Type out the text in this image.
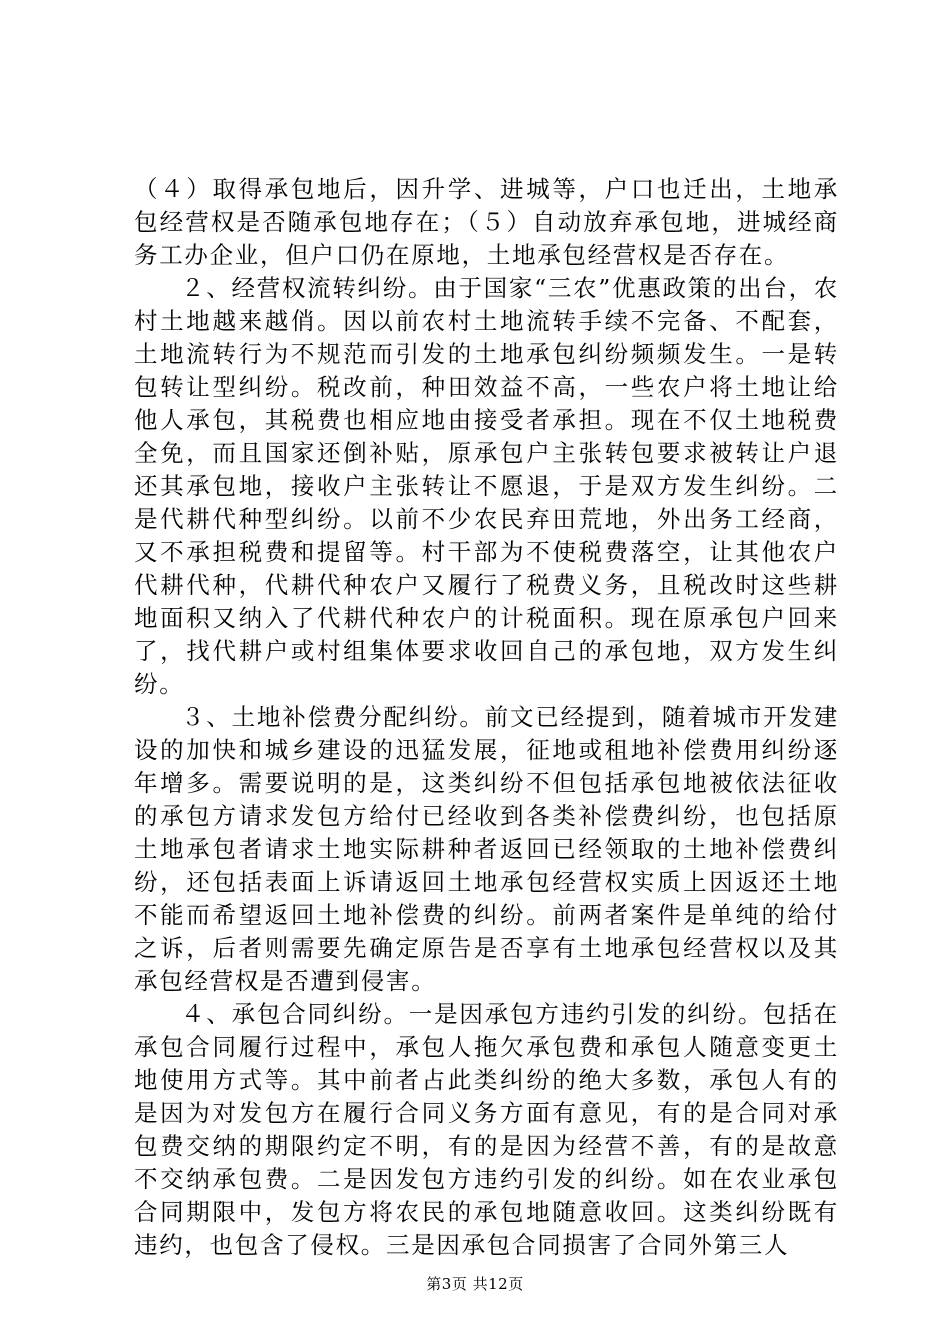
（４）取得承包地后，因升学、进城等，户口也迁出，土地承包经营权是否随承包地存在；（５）自动放弃承包地，进城经商务工办企业，但户口仍在原地，土地承包经营权是否存在。

２、经营权流转纠纷。由于国家“三农”优惠政策的出台，农村土地越来越俏。因以前农村土地流转手续不完备、不配套，土地流转行为不规范而引发的土地承包纠纷频频发生。一是转包转让型纠纷。税改前，种田效益不高，一些农户将土地让给他人承包，其税费也相应地由接受者承担。现在不仅土地税费全免，而且国家还倒补贴，原承包户主张转包要求被转让户退还其承包地，接收户主张转让不愿退，于是双方发生纠纷。二是代耕代种型纠纷。以前不少农民弃田荒地，外出务工经商，又不承担税费和提留等。村干部为不使税费落空，让其他农户代耕代种，代耕代种农户又履行了税费义务，且税改时这些耕地面积又纳入了代耕代种农户的计税面积。现在原承包户回来了，找代耕户或村组集体要求收回自己的承包地，双方发生纠纷。

３、土地补偿费分配纠纷。前文已经提到，随着城市开发建设的加快和城乡建设的迅猛发展，征地或租地补偿费用纠纷逐年增多。需要说明的是，这类纠纷不但包括承包地被依法征收的承包方请求发包方给付已经收到各类补偿费纠纷，也包括原土地承包者请求土地实际耕种者返回已经领取的土地补偿费纠纷，还包括表面上诉请返回土地承包经营权实质上因返还土地不能而希望返回土地补偿费的纠纷。前两者案件是单纯的给付之诉，后者则需要先确定原告是否享有土地承包经营权以及其承包经营权是否遭到侵害。

４、承包合同纠纷。一是因承包方违约引发的纠纷。包括在承包合同履行过程中，承包人拖欠承包费和承包人随意变更土地使用方式等。其中前者占此类纠纷的绝大多数，承包人有的是因为对发包方在履行合同义务方面有意见，有的是合同对承包费交纳的期限约定不明，有的是因为经营不善，有的是故意不交纳承包费。二是因发包方违约引发的纠纷。如在农业承包合同期限中，发包方将农民的承包地随意收回。这类纠纷既有违约，也包含了侵权。三是因承包合同损害了合同外第三人

第3页 共12页
